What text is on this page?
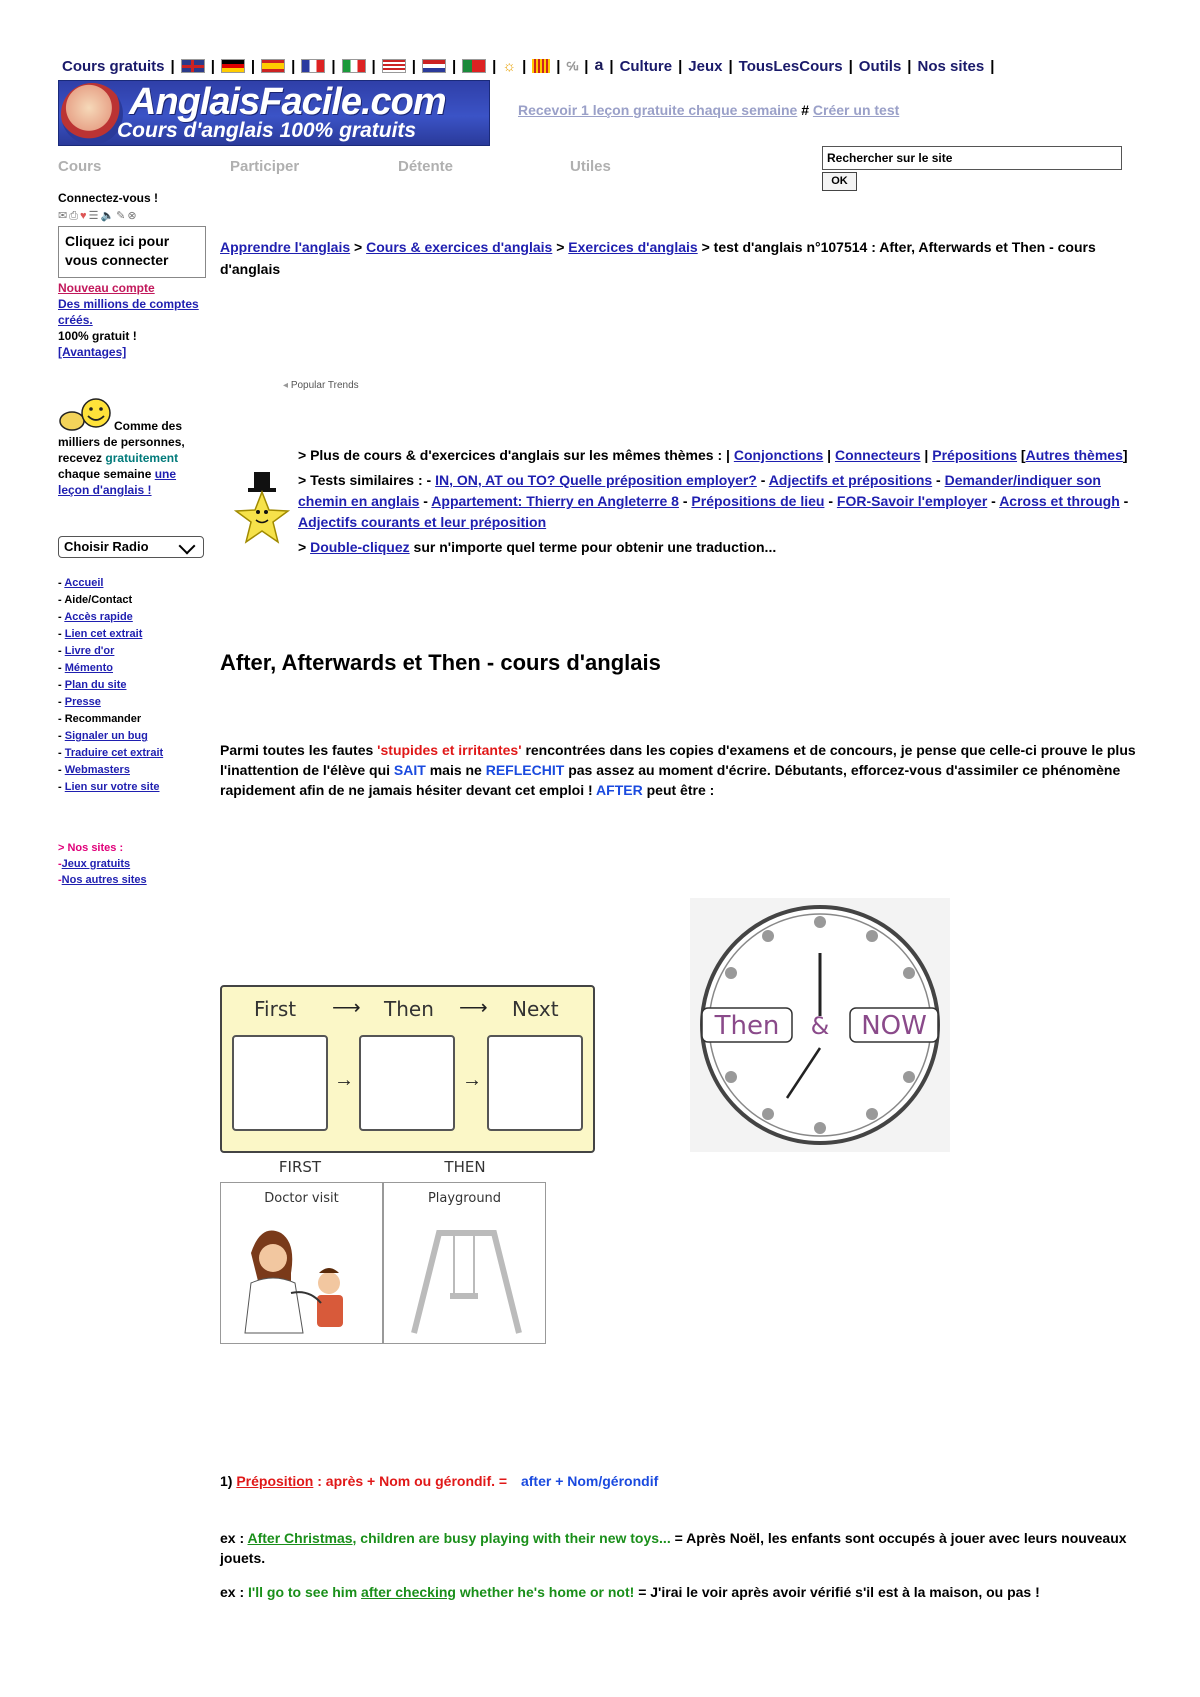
Cours gratuits | | | | | | | | | ☼ | | ℆ | a | Culture | Jeux | TousLesCours | Outils | Nos sites |
AnglaisFacile.com
Cours d'anglais 100% gratuits
Recevoir 1 leçon gratuite chaque semaine # Créer un test
Cours	Participer	Détente	Utiles
Rechercher sur le site
OK
Connectez-vous !
✉⎙♥☰🔈✎⊗
Cliquez ici pour vous connecter
Nouveau compte
Des millions de comptes créés.
100% gratuit !
[Avantages]
Comme des milliers de personnes, recevez gratuitement chaque semaine une leçon d'anglais !
Choisir Radio
- Accueil
- Aide/Contact
- Accès rapide
- Lien cet extrait
- Livre d'or
- Mémento
- Plan du site
- Presse
- Recommander
- Signaler un bug
- Traduire cet extrait
- Webmasters
- Lien sur votre site
> Nos sites :
-Jeux gratuits
-Nos autres sites
Apprendre l'anglais > Cours & exercices d'anglais > Exercices d'anglais > test d'anglais n°107514 : After, Afterwards et Then - cours d'anglais
◂ Popular Trends
> Plus de cours & d'exercices d'anglais sur les mêmes thèmes : | Conjonctions | Connecteurs | Prépositions [Autres thèmes]
> Tests similaires : - IN, ON, AT ou TO? Quelle préposition employer? - Adjectifs et prépositions - Demander/indiquer son chemin en anglais - Appartement: Thierry en Angleterre 8 - Prépositions de lieu - FOR-Savoir l'employer - Across et through - Adjectifs courants et leur préposition
> Double-cliquez sur n'importe quel terme pour obtenir une traduction...
After, Afterwards et Then - cours d'anglais
Parmi toutes les fautes 'stupides et irritantes' rencontrées dans les copies d'examens et de concours, je pense que celle-ci prouve le plus l'inattention de l'élève qui SAIT mais ne REFLECHIT pas assez au moment d'écrire. Débutants, efforcez-vous d'assimiler ce phénomène rapidement afin de ne jamais hésiter devant cet emploi ! AFTER peut être :
First ⟶ Then ⟶ Next
→	→
Then & NOW
FIRST	THEN
Doctor visit	Playground
1) Préposition : après + Nom ou gérondif. = after + Nom/gérondif
ex : After Christmas, children are busy playing with their new toys... = Après Noël, les enfants sont occupés à jouer avec leurs nouveaux jouets.
ex : I'll go to see him after checking whether he's home or not! = J'irai le voir après avoir vérifié s'il est à la maison, ou pas !
